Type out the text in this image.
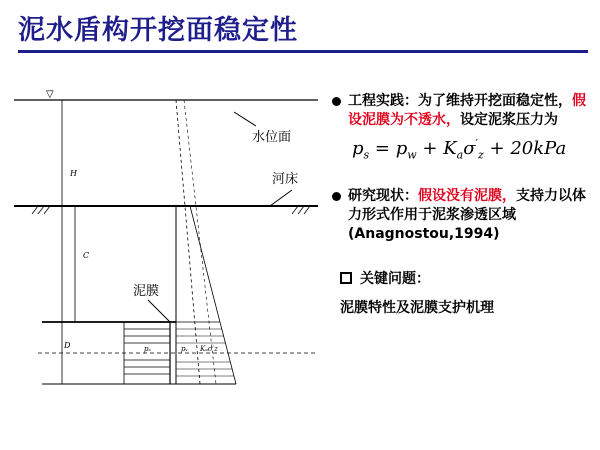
泥水盾构开挖面稳定性
▽
水位面
河床
泥膜
H
C
D	pₛ	pᵥ Kₐσ′z
工程实践：为了维持开挖面稳定性，假设泥膜为不透水，设定泥浆压力为
$p_s = p_w + K_a\sigma'_z + 20kPa$
研究现状：假设没有泥膜，支持力以体力形式作用于泥浆渗透区域
(Anagnostou,1994)
关键问题：
泥膜特性及泥膜支护机理
